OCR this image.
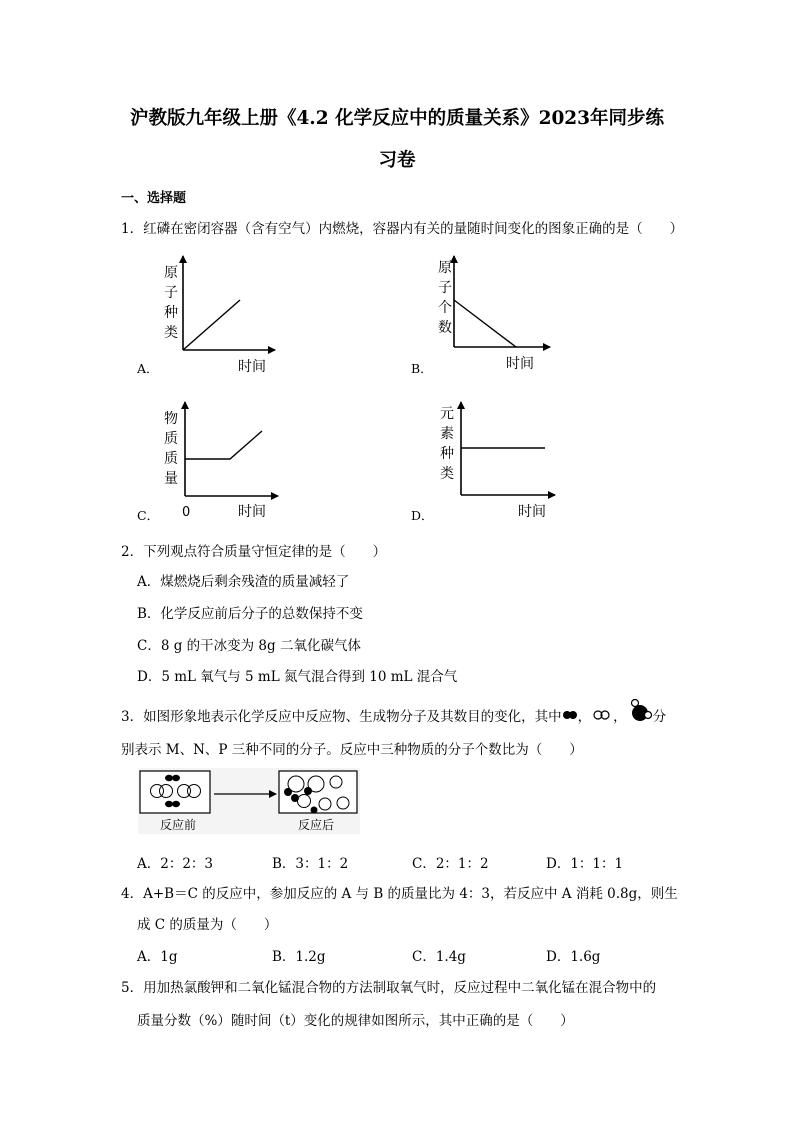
沪教版九年级上册《4.2 化学反应中的质量关系》2023年同步练
习卷
一、选择题
1．红磷在密闭容器（含有空气）内燃烧，容器内有关的量随时间变化的图象正确的是（　　）
A．
原
子
种
类
时间	B．
原
子
个
数
时间
C．
物
质
质
量
0	时间	D．
元
素
种
类
时间
2．下列观点符合质量守恒定律的是（　　）
A．煤燃烧后剩余残渣的质量减轻了
B．化学反应前后分子的总数保持不变
C．8 g 的干冰变为 8g 二氧化碳气体
D．5 mL 氧气与 5 mL 氮气混合得到 10 mL 混合气
3．如图形象地表示化学反应中反应物、生成物分子及其数目的变化，其中 ， ， 分
别表示 M、N、P 三种不同的分子。反应中三种物质的分子个数比为（　　）
反应前	反应后
A．2：2：3	B．3：1：2	C．2：1：2	D．1：1：1
4．A+B＝C 的反应中，参加反应的 A 与 B 的质量比为 4：3，若反应中 A 消耗 0.8g，则生
成 C 的质量为（　　）
A．1g	B．1.2g	C．1.4g	D．1.6g
5．用加热氯酸钾和二氧化锰混合物的方法制取氧气时，反应过程中二氧化锰在混合物中的
质量分数（%）随时间（t）变化的规律如图所示，其中正确的是（　　）
